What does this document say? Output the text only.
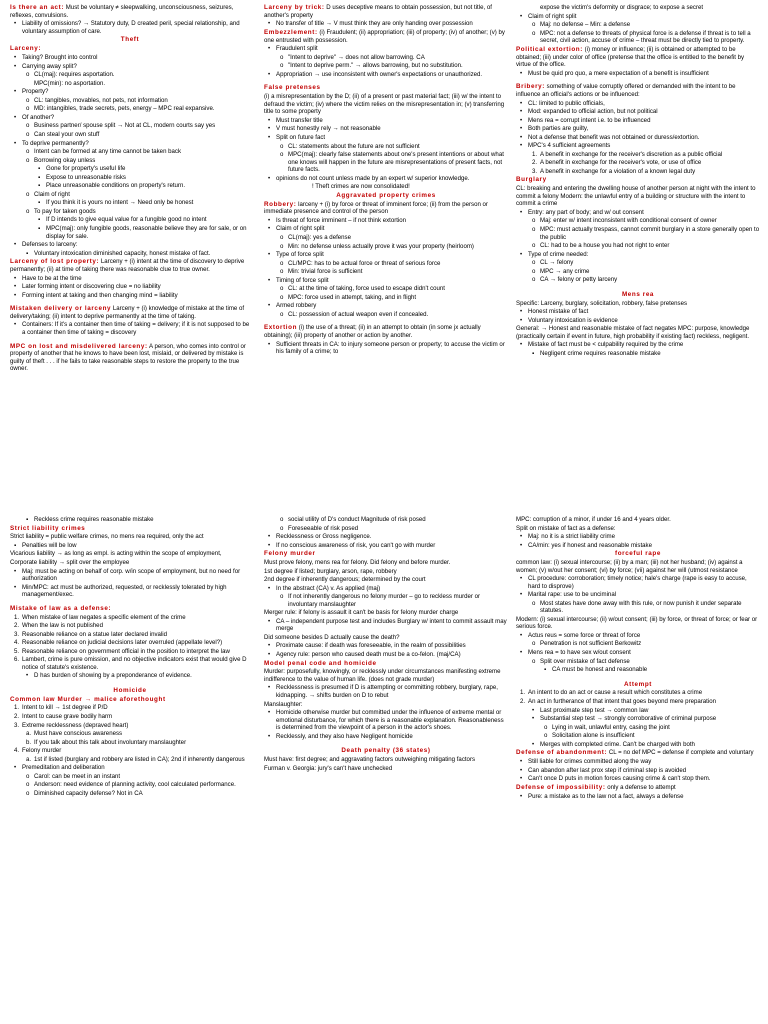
Is there an act: Must be voluntary ≠ sleepwalking, unconsciousness, seizures, reflexes, convulsions.

• Liability of omissions? → Statutory duty, D created peril, special relationship, and voluntary assumption of care.

Theft

Larceny:

• Taking? Brought into control

• Carrying away split?

o CL(maj): requires asportation.

MPC(min): no asportation.

• Property?

o CL: tangibles, movables, not pets, not information

o MD: intangibles, trade secrets, pets, energy – MPC real expansive.

• Of another?

o Business partner/ spouse split → Not at CL, modern courts say yes

o Can steal your own stuff

• To deprive permanently?

o Intent can be formed at any time cannot be taken back

o Borrowing okay unless

▪ Gone for property's useful life

▪ Expose to unreasonable risks

▪ Place unreasonable conditions on property's return.

o Claim of right

▪ If you think it is yours no intent → Need only be honest

o To pay for taken goods

▪ If D intends to give equal value for a fungible good no intent

▪ MPC(maj): only fungible goods, reasonable believe they are for sale, or on display for sale.

• Defenses to larceny:

▪ Voluntary intoxication diminished capacity, honest mistake of fact.

Larceny of lost property: Larceny + (i) intent at the time of discovery to deprive permanently; (ii) at time of taking there was reasonable clue to true owner.

• Have to be at the time

• Later forming intent or discovering clue = no liability

• Forming intent at taking and then changing mind = liability

Mistaken delivery or larceny Larceny + (i) knowledge of mistake at the time of delivery/taking; (ii) intent to deprive permanently at the time of taking.

• Containers: If it's a container then time of taking = delivery; if it is not supposed to be a container then time of taking = discovery

MPC on lost and misdelivered larceny: A person, who comes into control or property of another that he knows to have been lost, mislaid, or delivered by mistake is guilty of theft . . . if he fails to take reasonable steps to restore the property to the true owner.

Larceny by trick: D uses deceptive means to obtain possession, but not title, of another's property

• No transfer of title → V must think they are only handing over possession

Embezzlement: (i) Fraudulent; (ii) appropriation; (iii) of property; (iv) of another; (v) by one entrusted with possession.

• Fraudulent split

o "Intent to deprive" → does not allow barrowing. CA

o "Intent to deprive perm." → allows barrowing, but no substitution.

• Appropriation → use inconsistent with owner's expectations or unauthorized.

False pretenses

(i) a misrepresentation by the D; (ii) of a present or past material fact; (iii) w/ the intent to defraud the victim; (iv) where the victim relies on the misrepresentation in; (v) transferring title to some property

• Must transfer title

• V must honestly rely → not reasonable

• Split on future fact

o CL: statements about the future are not sufficient

o MPC(maj): clearly false statements about one's present intentions or about what one knows will happen in the future are misrepresentations of present facts, not future facts.

• opinions do not count unless made by an expert w/ superior knowledge.

! Theft crimes are now consolidated!

Aggravated property crimes

Robbery: larceny + (i) by force or threat of imminent force; (ii) from the person or immediate presence and control of the person

• Is threat of force imminent – if not think extortion

• Claim of right split

o CL(maj): yes a defense

o Min: no defense unless actually prove it was your property (heirloom)

• Type of force split

o CL/MPC: has to be actual force or threat of serious force

o Min: trivial force is sufficient

• Timing of force split

o CL: at the time of taking, force used to escape didn't count

o MPC: force used in attempt, taking, and in flight

• Armed robbery

o CL: possession of actual weapon even if concealed.

Extortion (i) the use of a threat; (ii) in an attempt to obtain (in some jx actually obtaining); (iii) property of another or action by another.

• Sufficient threats in CA: to injury someone person or property; to accuse the victim or his family of a crime; to

expose the victim's deformity or disgrace; to expose a secret

• Claim of right split

o Maj: no defense – Min: a defense

o MPC: not a defense to threats of physical force is a defense if threat is to tell a secret, civil action, accuse of crime – threat must be directly tied to property.

Political extortion: (i) money or influence; (ii) is obtained or attempted to be obtained; (iii) under color of office (pretense that the office is entitled to the benefit by virtue of the office.

• Must be quid pro quo, a mere expectation of a benefit is insufficient

Bribery: something of value corruptly offered or demanded with the intent to be influence an official's actions or be influenced:

• CL: limited to public officials,

• Mod: expanded to official action, but not political

• Mens rea = corrupt intent i.e. to be influenced

• Both parties are guilty,

• Not a defense that benefit was not obtained or duress/extortion.

• MPC's 4 sufficient agreements

1. A benefit in exchange for the receiver's discretion as a public official

2. A benefit in exchange for the receiver's vote, or use of office

3. A benefit in exchange for a violation of a known legal duty

Burglary

CL: breaking and entering the dwelling house of another person at night with the intent to commit a felony Modern: the unlawful entry of a building or structure with the intent to commit a crime

• Entry: any part of body; and w/ out consent

o Maj: enter w/ intent inconsistent with conditional consent of owner

o MPC: must actually trespass, cannot commit burglary in a store generally open to the public

o CL: had to be a house you had not right to enter

• Type of crime needed:

o CL → felony

o MPC → any crime

o CA → felony or petty larceny

Mens rea

Specific: Larceny, burglary, solicitation, robbery, false pretenses

• Honest mistake of fact

• Voluntary intoxication is evidence

General: → Honest and reasonable mistake of fact negates MPC: purpose, knowledge (practically certain if event in future, high probability if existing fact) reckless, negligent.

• Mistake of fact must be < culpability required by the crime

▪ Negligent crime requires reasonable mistake

▪ Reckless crime requires reasonable mistake

Strict liability crimes

Strict liability = public welfare crimes, no mens rea required, only the act

▪ Penalties will be low

Vicarious liability → as long as empl. is acting within the scope of employment,

Corporate liability → split over the employee

• Maj: must be acting on behalf of corp. w/in scope of employment, but no need for authorization

• Min/MPC: act must be authorized, requested, or recklessly tolerated by high management/exec.

Mistake of law as a defense:

1. When mistake of law negates a specific element of the crime

2. When the law is not published

3. Reasonable reliance on a statue later declared invalid

4. Reasonable reliance on judicial decisions later overruled (appellate level?)

5. Reasonable reliance on government official in the position to interpret the law

6. Lambert, crime is pure omission, and no objective indicators exist that would give D notice of statute's existence.

• D has burden of showing by a preponderance of evidence.

Homicide

Common law Murder → malice aforethought

1. Intent to kill → 1st degree if P/D

2. Intent to cause grave bodily harm

3. Extreme recklessness (depraved heart)

a. Must have conscious awareness

b. If you talk about this talk about involuntary manslaughter

4. Felony murder

a. 1st if listed (burglary and robbery are listed in CA); 2nd if inherently dangerous

• Premeditation and deliberation

o Carol: can be meet in an instant

o Anderson: need evidence of planning activity, cool calculated performance.

o Diminished capacity defense? Not in CA

o social utility of D's conduct Magnitude of risk posed

o Foreseeable of risk posed

• Recklessness or Gross negligence.

• If no conscious awareness of risk, you can't go with murder

Felony murder

Must prove felony, mens rea for felony. Did felony end before murder.

1st degree if listed; burglary, arson, rape, robbery

2nd degree if inherently dangerous; determined by the court

• In the abstract (CA) v. As applied (maj)

o If not inherently dangerous no felony murder – go to reckless murder or involuntary manslaughter

Merger rule: if felony is assault it can't be basis for felony murder charge

• CA – independent purpose test and includes Burglary w/ intent to commit assault may merge

Did someone besides D actually cause the death?

• Proximate cause: if death was foreseeable, in the realm of possibilities

• Agency rule: person who caused death must be a co-felon. (maj/CA)

Model penal code and homicide

Murder: purposefully, knowingly, or recklessly under circumstances manifesting extreme indifference to the value of human life. (does not grade murder)

• Recklessness is presumed if D is attempting or committing robbery, burglary, rape, kidnapping. → shifts burden on D to rebut

Manslaughter:

• Homicide otherwise murder but committed under the influence of extreme mental or emotional disturbance, for which there is a reasonable explanation. Reasonableness is determined from the viewpoint of a person in the actor's shoes.

• Recklessly, and they also have Negligent homicide

Death penalty (36 states)

Must have: first degree; and aggravating factors outweighing mitigating factors

Furman v. Georgia: jury's can't have unchecked

MPC: corruption of a minor, if under 16 and 4 years older.

Split on mistake of fact as a defense:

• Maj: no it is a strict liability crime

• CA/min: yes if honest and reasonable mistake

forceful rape

common law: (i) sexual intercourse; (ii) by a man; (iii) not her husband; (iv) against a women; (v) w/out her consent; (vi) by force; (vii) against her will (utmost resistance

• CL procedure: corroboration; timely notice; hale's charge (rape is easy to accuse, hard to disprove)

• Marital rape: use to be unciminal

o Most states have done away with this rule, or now punish it under separate statutes.

Modern: (i) sexual intercourse; (ii) w/out consent; (iii) by force, or threat of force; or fear or serious force.

• Actus reus = some force or threat of force

o Penetration is not sufficient Berkowitz

• Mens rea = to have sex w/out consent

o Split over mistake of fact defense

▪ CA must be honest and reasonable

Attempt

1. An intent to do an act or cause a result which constitutes a crime

2. An act in furtherance of that intent that goes beyond mere preparation

• Last proximate step test → common law

• Substantial step test → strongly corroborative of criminal purpose

o Lying in wait, unlawful entry, casing the joint

o Solicitation alone is insufficient

• Merges with completed crime. Can't be charged with both

Defense of abandonment: CL = no def MPC = defense if complete and voluntary

• Still liable for crimes committed along the way

• Can abandon after last prox step if criminal step is avoided

• Can't once D puts in motion forces causing crime & can't stop them.

Defense of impossibility: only a defense to attempt

• Pure: a mistake as to the law not a fact, always a defense
